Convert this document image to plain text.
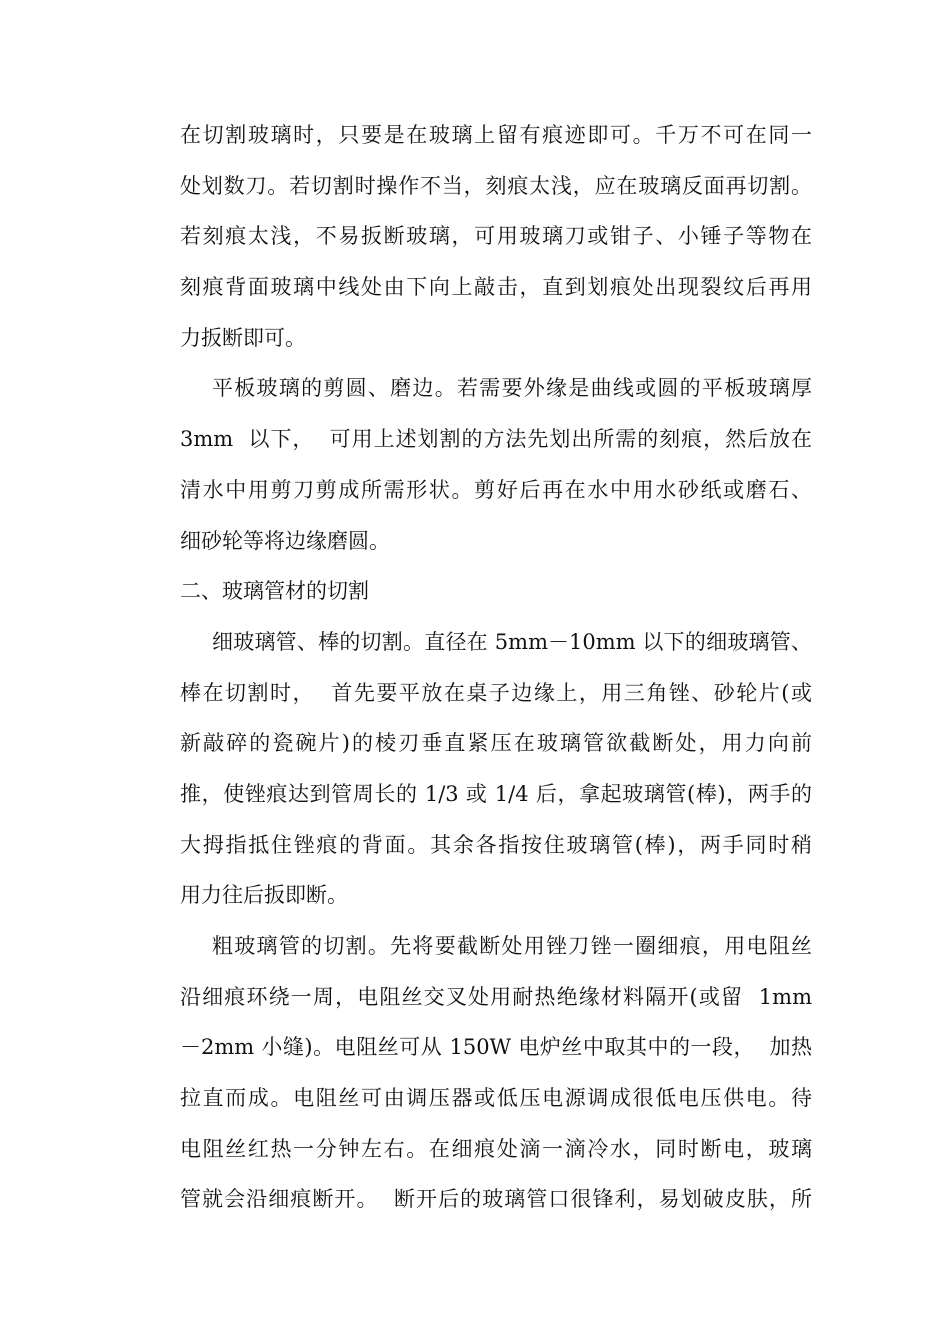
在切割玻璃时，只要是在玻璃上留有痕迹即可。千万不可在同一
处划数刀。若切割时操作不当，刻痕太浅，应在玻璃反面再切割。
若刻痕太浅，不易扳断玻璃，可用玻璃刀或钳子、小锤子等物在
刻痕背面玻璃中线处由下向上敲击，直到划痕处出现裂纹后再用
力扳断即可。
平板玻璃的剪圆、磨边。若需要外缘是曲线或圆的平板玻璃厚
3mm  以下，  可用上述划割的方法先划出所需的刻痕，然后放在
清水中用剪刀剪成所需形状。剪好后再在水中用水砂纸或磨石、
细砂轮等将边缘磨圆。
二、玻璃管材的切割
细玻璃管、棒的切割。直径在 5mm－10mm 以下的细玻璃管、
棒在切割时，  首先要平放在桌子边缘上，用三角锉、砂轮片(或
新敲碎的瓷碗片)的棱刃垂直紧压在玻璃管欲截断处，用力向前
推，使锉痕达到管周长的 1/3 或 1/4 后，拿起玻璃管(棒)，两手的
大拇指抵住锉痕的背面。其余各指按住玻璃管(棒)，两手同时稍
用力往后扳即断。
粗玻璃管的切割。先将要截断处用锉刀锉一圈细痕，用电阻丝
沿细痕环绕一周，电阻丝交叉处用耐热绝缘材料隔开(或留  1mm
－2mm 小缝)。电阻丝可从 150W 电炉丝中取其中的一段，  加热
拉直而成。电阻丝可由调压器或低压电源调成很低电压供电。待
电阻丝红热一分钟左右。在细痕处滴一滴冷水，同时断电，玻璃
管就会沿细痕断开。  断开后的玻璃管口很锋利，易划破皮肤，所
